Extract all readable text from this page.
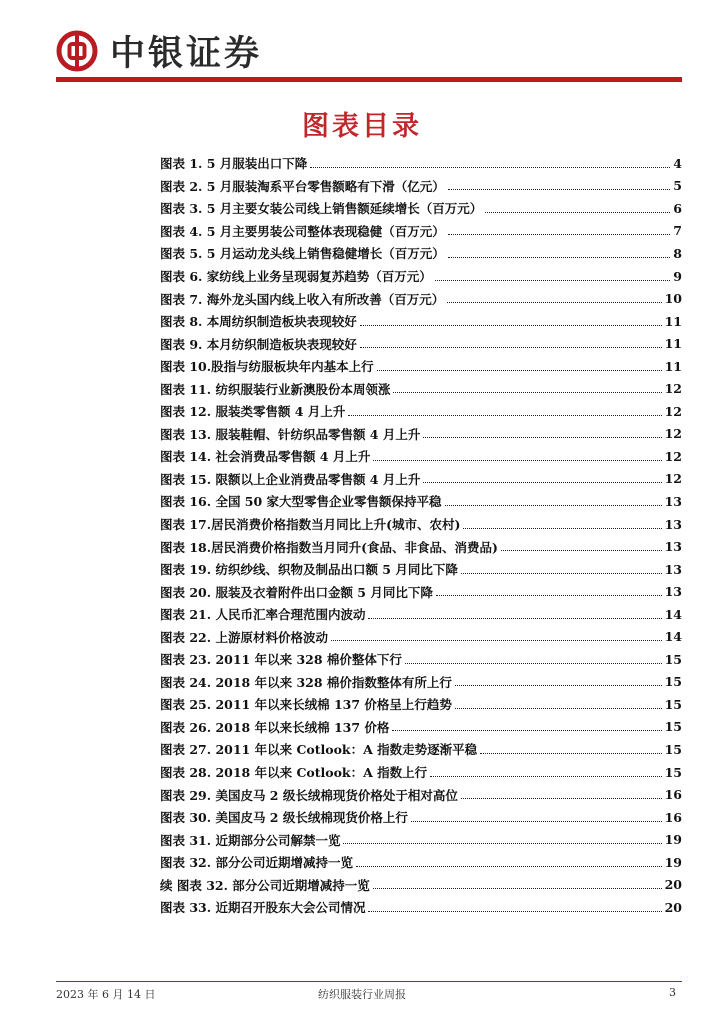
中银证券
图表目录
图表 1. 5 月服装出口下降	4
图表 2. 5 月服装淘系平台零售额略有下滑（亿元）	5
图表 3. 5 月主要女装公司线上销售额延续增长（百万元）	6
图表 4. 5 月主要男装公司整体表现稳健（百万元）	7
图表 5. 5 月运动龙头线上销售稳健增长（百万元）	8
图表 6. 家纺线上业务呈现弱复苏趋势（百万元）	9
图表 7. 海外龙头国内线上收入有所改善（百万元）	10
图表 8. 本周纺织制造板块表现较好	11
图表 9. 本月纺织制造板块表现较好	11
图表 10.股指与纺服板块年内基本上行	11
图表 11. 纺织服装行业新澳股份本周领涨	12
图表 12. 服装类零售额 4 月上升	12
图表 13. 服装鞋帽、针纺织品零售额 4 月上升	12
图表 14. 社会消费品零售额 4 月上升	12
图表 15. 限额以上企业消费品零售额 4 月上升	12
图表 16. 全国 50 家大型零售企业零售额保持平稳	13
图表 17.居民消费价格指数当月同比上升(城市、农村)	13
图表 18.居民消费价格指数当月同升(食品、非食品、消费品)	13
图表 19. 纺织纱线、织物及制品出口额 5 月同比下降	13
图表 20. 服装及衣着附件出口金额 5 月同比下降	13
图表 21. 人民币汇率合理范围内波动	14
图表 22. 上游原材料价格波动	14
图表 23. 2011 年以来 328 棉价整体下行	15
图表 24. 2018 年以来 328 棉价指数整体有所上行	15
图表 25. 2011 年以来长绒棉 137 价格呈上行趋势	15
图表 26. 2018 年以来长绒棉 137 价格	15
图表 27. 2011 年以来 Cotlook：A 指数走势逐渐平稳	15
图表 28. 2018 年以来 Cotlook：A 指数上行	15
图表 29. 美国皮马 2 级长绒棉现货价格处于相对高位	16
图表 30. 美国皮马 2 级长绒棉现货价格上行	16
图表 31. 近期部分公司解禁一览	19
图表 32. 部分公司近期增减持一览	19
续 图表 32. 部分公司近期增减持一览	20
图表 33. 近期召开股东大会公司情况	20
2023 年 6 月 14 日	纺织服装行业周报	3
